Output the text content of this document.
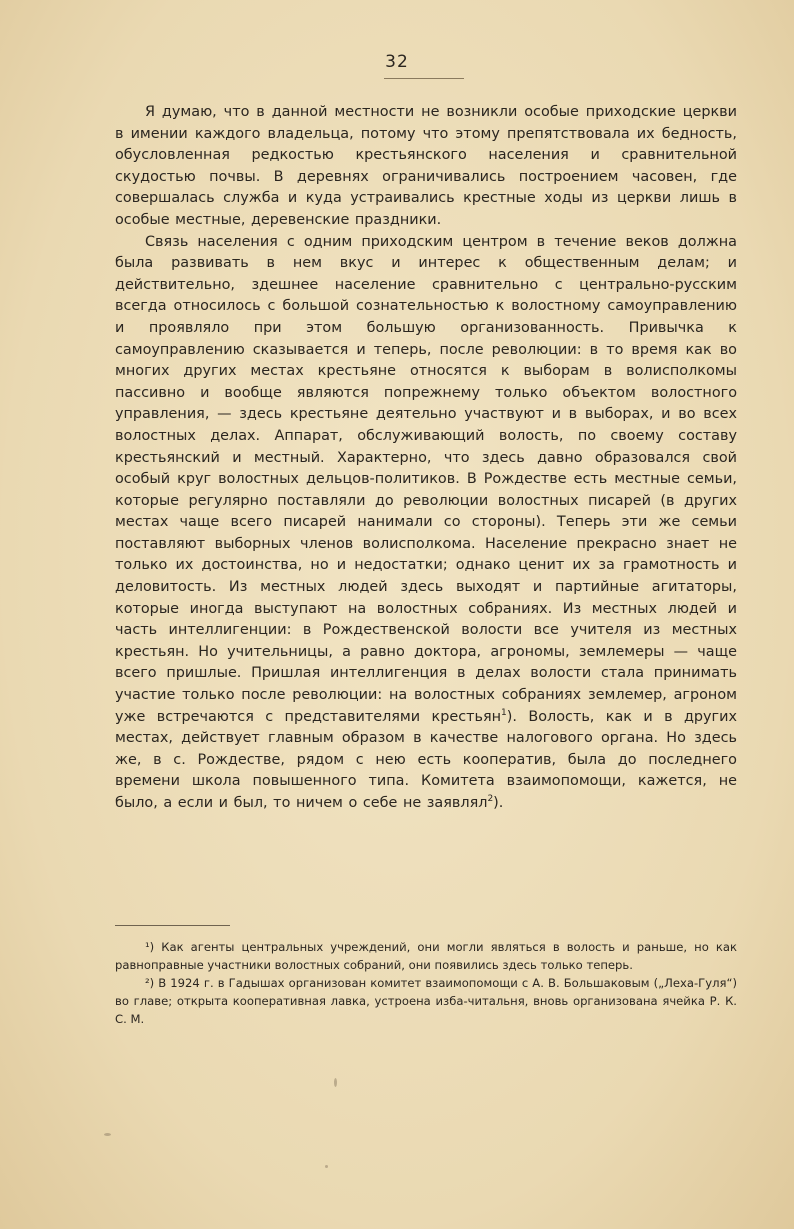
32

Я думаю, что в данной местности не возникли особые приходские церкви в имении каждого владельца, потому что этому препятствовала их бедность, обусловленная редкостью крестьянского населения и сравнительной скудостью почвы. В деревнях ограничивались построением часовен, где совершалась служба и куда устраивались крестные ходы из церкви лишь в особые местные, деревенские праздники.

Связь населения с одним приходским центром в течение веков должна была развивать в нем вкус и интерес к общественным делам; и действительно, здешнее население сравнительно с центрально-русским всегда относилось с большой сознательностью к волостному самоуправлению и проявляло при этом большую организованность. Привычка к самоуправлению сказывается и теперь, после революции: в то время как во многих других местах крестьяне относятся к выборам в волисполкомы пассивно и вообще являются попрежнему только объектом волостного управления, — здесь крестьяне деятельно участвуют и в выборах, и во всех волостных делах. Аппарат, обслуживающий волость, по своему составу крестьянский и местный. Характерно, что здесь давно образовался свой особый круг волостных дельцов-политиков. В Рождестве есть местные семьи, которые регулярно поставляли до революции волостных писарей (в других местах чаще всего писарей нанимали со стороны). Теперь эти же семьи поставляют выборных членов волисполкома. Население прекрасно знает не только их достоинства, но и недостатки; однако ценит их за грамотность и деловитость. Из местных людей здесь выходят и партийные агитаторы, которые иногда выступают на волостных собраниях. Из местных людей и часть интеллигенции: в Рождественской волости все учителя из местных крестьян. Но учительницы, а равно доктора, агрономы, землемеры — чаще всего пришлые. Пришлая интеллигенция в делах волости стала принимать участие только после революции: на волостных собраниях землемер, агроном уже встречаются с представителями крестьян$^1$). Волость, как и в других местах, действует главным образом в качестве налогового органа. Но здесь же, в с. Рождестве, рядом с нею есть кооператив, была до последнего времени школа повышенного типа. Комитета взаимопомощи, кажется, не было, а если и был, то ничем о себе не заявлял$^2$).

¹) Как агенты центральных учреждений, они могли являться в волость и раньше, но как равноправные участники волостных собраний, они появились здесь только теперь.

²) В 1924 г. в Гадышах организован комитет взаимопомощи с А. В. Большаковым („Леха-Гуля“) во главе; открыта кооперативная лавка, устроена изба-читальня, вновь организована ячейка Р. К. С. М.
